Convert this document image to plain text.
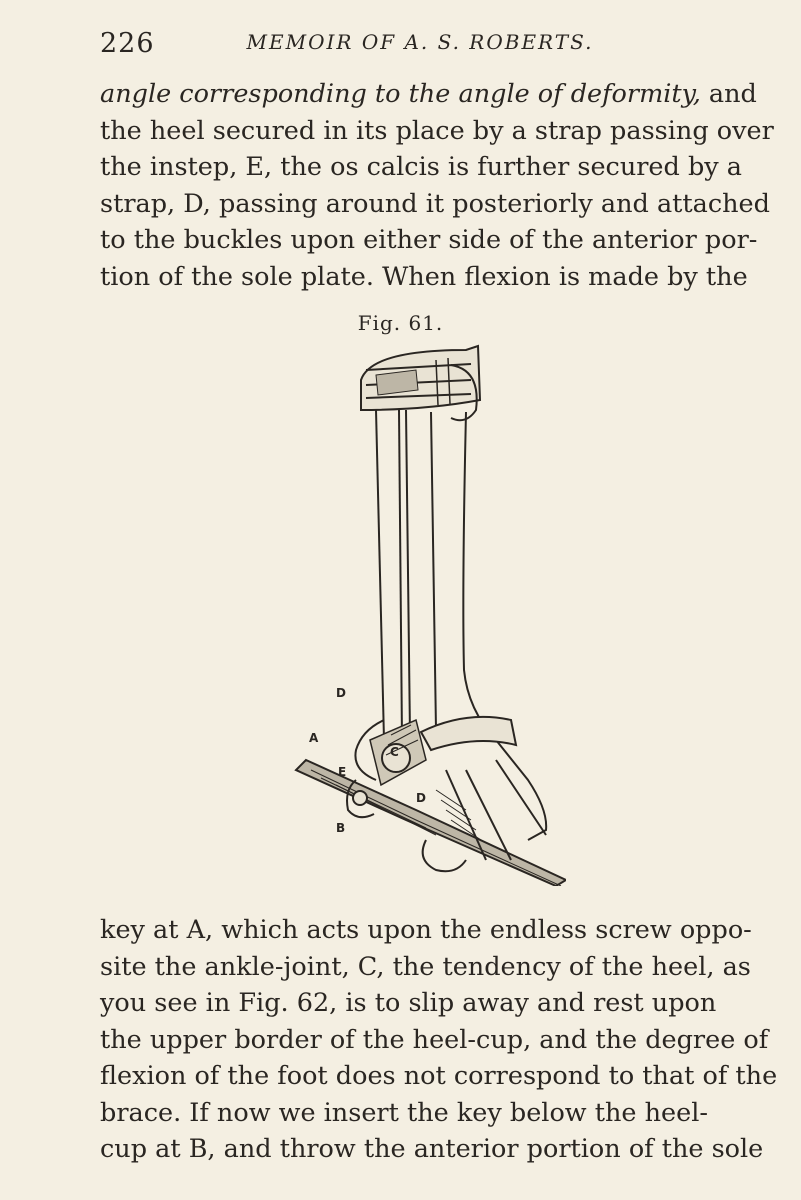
226	MEMOIR OF A. S. ROBERTS.

angle corresponding to the angle of deformity, and
the heel secured in its place by a strap passing over
the instep, E, the os calcis is further secured by a
strap, D, passing around it posteriorly and attached
to the buckles upon either side of the anterior por-
tion of the sole plate. When flexion is made by the

Fig. 61.
D
A
C
E
D
B

key at A, which acts upon the endless screw oppo-
site the ankle-joint, C, the tendency of the heel, as
you see in Fig. 62, is to slip away and rest upon
the upper border of the heel-cup, and the degree of
flexion of the foot does not correspond to that of the
brace. If now we insert the key below the heel-
cup at B, and throw the anterior portion of the sole
